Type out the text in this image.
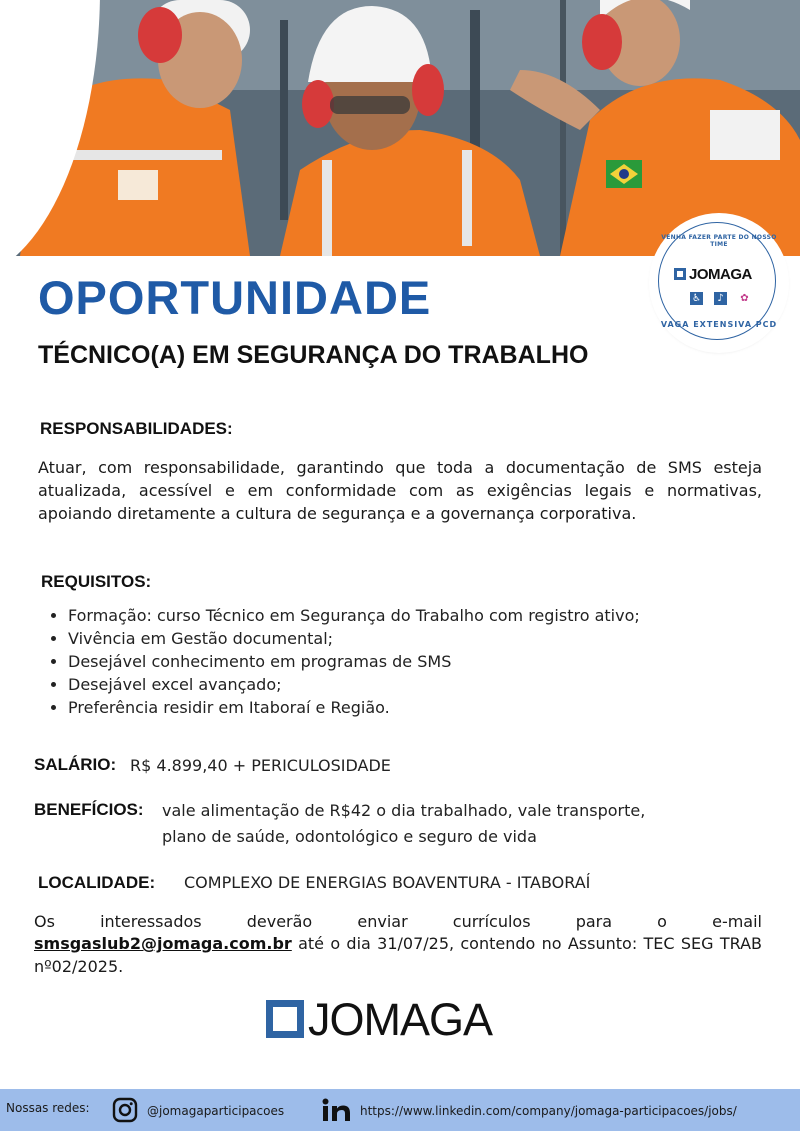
VENHA FAZER PARTE DO NOSSO TIME
JOMAGA
♿	♪	✿
VAGA EXTENSIVA PCD
OPORTUNIDADE
TÉCNICO(A) EM SEGURANÇA DO TRABALHO
RESPONSABILIDADES:
Atuar, com responsabilidade, garantindo que toda a documentação de SMS esteja atualizada, acessível e em conformidade com as exigências legais e normativas, apoiando diretamente a cultura de segurança e a governança corporativa.
REQUISITOS:
• Formação: curso Técnico em Segurança do Trabalho com registro ativo;
• Vivência em Gestão documental;
• Desejável conhecimento em programas de SMS
• Desejável excel avançado;
• Preferência residir em Itaboraí e Região.
SALÁRIO: R$ 4.899,40 + PERICULOSIDADE
BENEFÍCIOS: vale alimentação de R$42 o dia trabalhado, vale transporte,
plano de saúde, odontológico e seguro de vida
LOCALIDADE: COMPLEXO DE ENERGIAS BOAVENTURA - ITABORAÍ
Os interessados deverão enviar currículos para o e-mail
smsgaslub2@jomaga.com.br até o dia 31/07/25, contendo no Assunto: TEC SEG TRAB nº02/2025.
JOMAGA
Nossas redes:	@jomagaparticipacoes	https://www.linkedin.com/company/jomaga-participacoes/jobs/
